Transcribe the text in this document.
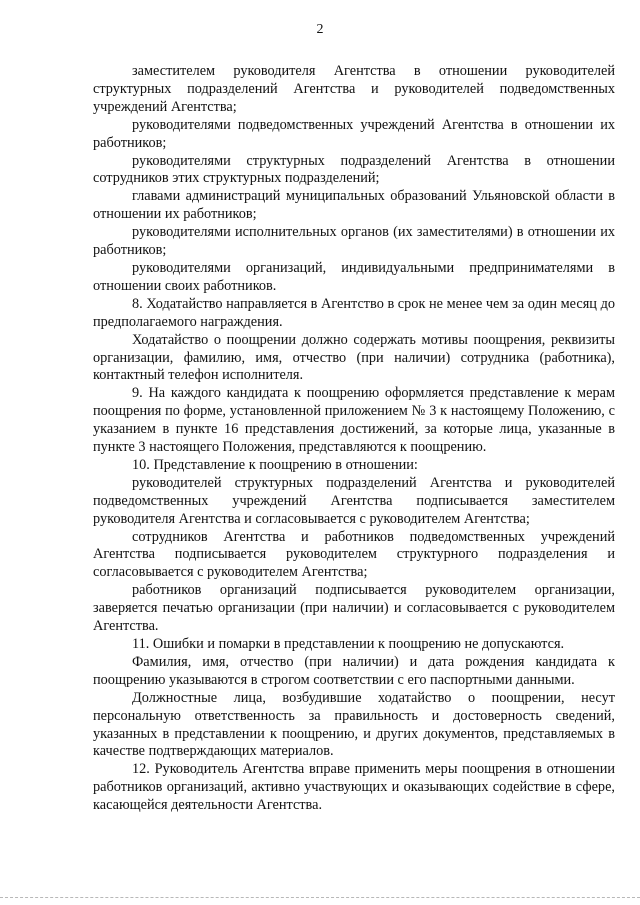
2

заместителем руководителя Агентства в отношении руководителей структурных подразделений Агентства и руководителей подведомственных учреждений Агентства;

руководителями подведомственных учреждений Агентства в отношении их работников;

руководителями структурных подразделений Агентства в отношении сотрудников этих структурных подразделений;

главами администраций муниципальных образований Ульяновской области в отношении их работников;

руководителями исполнительных органов (их заместителями) в отношении их работников;

руководителями организаций, индивидуальными предпринимателями в отношении своих работников.

8. Ходатайство направляется в Агентство в срок не менее чем за один месяц до предполагаемого награждения.

Ходатайство о поощрении должно содержать мотивы поощрения, реквизиты организации, фамилию, имя, отчество (при наличии) сотрудника (работника), контактный телефон исполнителя.

9. На каждого кандидата к поощрению оформляется представление к мерам поощрения по форме, установленной приложением № 3 к настоящему Положению, с указанием в пункте 16 представления достижений, за которые лица, указанные в пункте 3 настоящего Положения, представляются к поощрению.

10. Представление к поощрению в отношении:

руководителей структурных подразделений Агентства и руководителей подведомственных учреждений Агентства подписывается заместителем руководителя Агентства и согласовывается с руководителем Агентства;

сотрудников Агентства и работников подведомственных учреждений Агентства подписывается руководителем структурного подразделения и согласовывается с руководителем Агентства;

работников организаций подписывается руководителем организации, заверяется печатью организации (при наличии) и согласовывается с руководителем Агентства.

11. Ошибки и помарки в представлении к поощрению не допускаются.

Фамилия, имя, отчество (при наличии) и дата рождения кандидата к поощрению указываются в строгом соответствии с его паспортными данными.

Должностные лица, возбудившие ходатайство о поощрении, несут персональную ответственность за правильность и достоверность сведений, указанных в представлении к поощрению, и других документов, представляемых в качестве подтверждающих материалов.

12. Руководитель Агентства вправе применить меры поощрения в отношении работников организаций, активно участвующих и оказывающих содействие в сфере, касающейся деятельности Агентства.
